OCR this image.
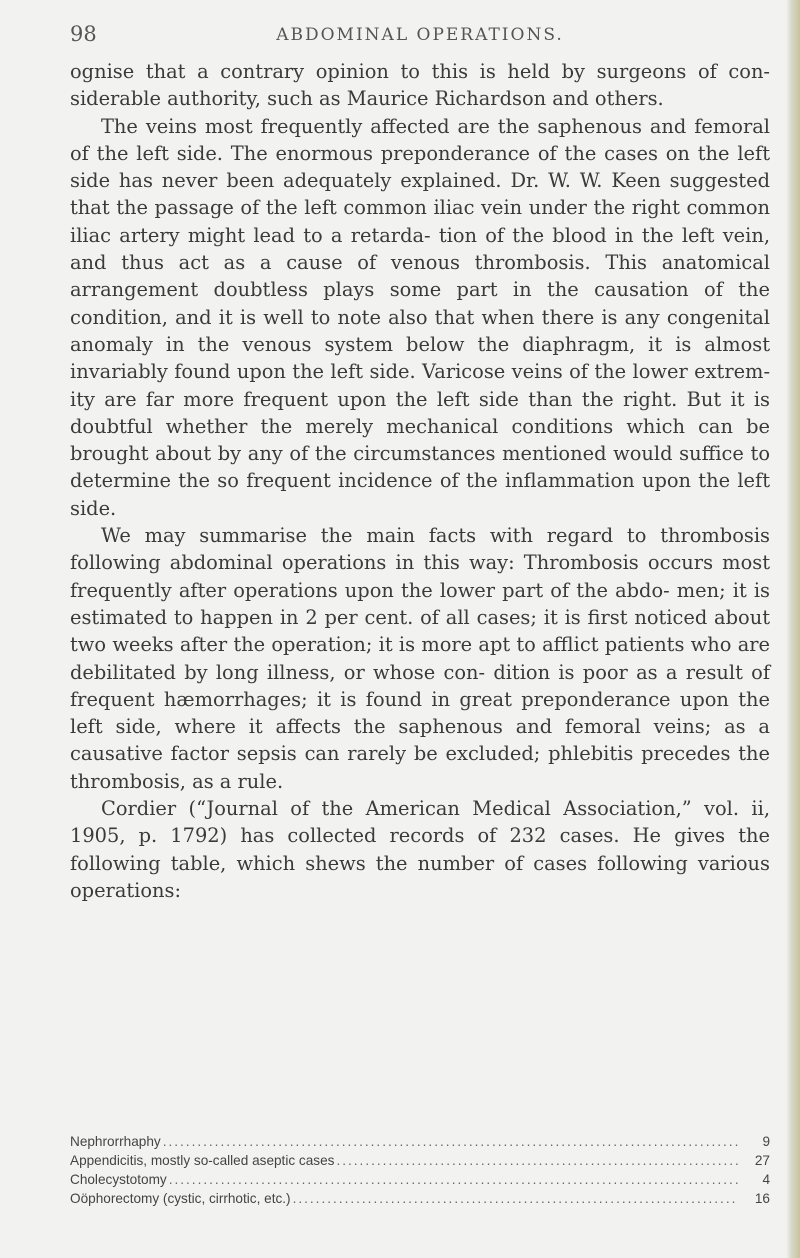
98	ABDOMINAL OPERATIONS.

ognise that a contrary opinion to this is held by surgeons of con- siderable authority, such as Maurice Richardson and others.

The veins most frequently affected are the saphenous and femoral of the left side. The enormous preponderance of the cases on the left side has never been adequately explained. Dr. W. W. Keen suggested that the passage of the left common iliac vein under the right common iliac artery might lead to a retarda- tion of the blood in the left vein, and thus act as a cause of venous thrombosis. This anatomical arrangement doubtless plays some part in the causation of the condition, and it is well to note also that when there is any congenital anomaly in the venous system below the diaphragm, it is almost invariably found upon the left side. Varicose veins of the lower extrem- ity are far more frequent upon the left side than the right. But it is doubtful whether the merely mechanical conditions which can be brought about by any of the circumstances mentioned would suffice to determine the so frequent incidence of the inflammation upon the left side.

We may summarise the main facts with regard to thrombosis following abdominal operations in this way: Thrombosis occurs most frequently after operations upon the lower part of the abdo- men; it is estimated to happen in 2 per cent. of all cases; it is first noticed about two weeks after the operation; it is more apt to afflict patients who are debilitated by long illness, or whose con- dition is poor as a result of frequent hæmorrhages; it is found in great preponderance upon the left side, where it affects the saphenous and femoral veins; as a causative factor sepsis can rarely be excluded; phlebitis precedes the thrombosis, as a rule.

Cordier (“Journal of the American Medical Association,” vol. ii, 1905, p. 1792) has collected records of 232 cases. He gives the following table, which shews the number of cases following various operations:

Nephrorrhaphy .....	9
Appendicitis, mostly so-called aseptic cases .....	27
Cholecystotomy .....	4
Oöphorectomy (cystic, cirrhotic, etc.) .....	16
